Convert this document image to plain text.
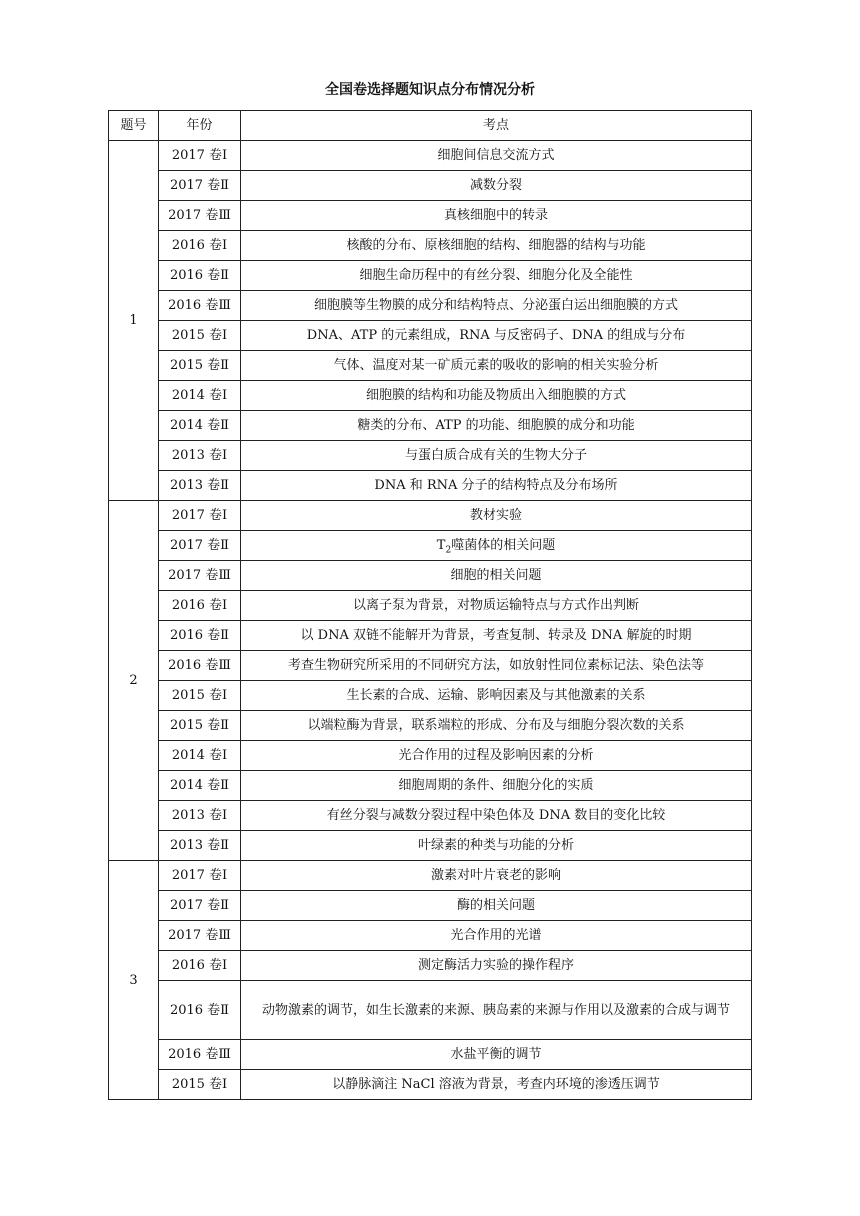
全国卷选择题知识点分布情况分析
题号	年份	考点
1	2017 卷Ⅰ	细胞间信息交流方式
	2017 卷Ⅱ	减数分裂
	2017 卷Ⅲ	真核细胞中的转录
	2016 卷Ⅰ	核酸的分布、原核细胞的结构、细胞器的结构与功能
	2016 卷Ⅱ	细胞生命历程中的有丝分裂、细胞分化及全能性
	2016 卷Ⅲ	细胞膜等生物膜的成分和结构特点、分泌蛋白运出细胞膜的方式
	2015 卷Ⅰ	DNA、ATP 的元素组成，RNA 与反密码子、DNA 的组成与分布
	2015 卷Ⅱ	气体、温度对某一矿质元素的吸收的影响的相关实验分析
	2014 卷Ⅰ	细胞膜的结构和功能及物质出入细胞膜的方式
	2014 卷Ⅱ	糖类的分布、ATP 的功能、细胞膜的成分和功能
	2013 卷Ⅰ	与蛋白质合成有关的生物大分子
	2013 卷Ⅱ	DNA 和 RNA 分子的结构特点及分布场所
2	2017 卷Ⅰ	教材实验
	2017 卷Ⅱ	$T_2$噬菌体的相关问题
	2017 卷Ⅲ	细胞的相关问题
	2016 卷Ⅰ	以离子泵为背景，对物质运输特点与方式作出判断
	2016 卷Ⅱ	以 DNA 双链不能解开为背景，考查复制、转录及 DNA 解旋的时期
	2016 卷Ⅲ	考查生物研究所采用的不同研究方法，如放射性同位素标记法、染色法等
	2015 卷Ⅰ	生长素的合成、运输、影响因素及与其他激素的关系
	2015 卷Ⅱ	以端粒酶为背景，联系端粒的形成、分布及与细胞分裂次数的关系
	2014 卷Ⅰ	光合作用的过程及影响因素的分析
	2014 卷Ⅱ	细胞周期的条件、细胞分化的实质
	2013 卷Ⅰ	有丝分裂与减数分裂过程中染色体及 DNA 数目的变化比较
	2013 卷Ⅱ	叶绿素的种类与功能的分析
3	2017 卷Ⅰ	激素对叶片衰老的影响
	2017 卷Ⅱ	酶的相关问题
	2017 卷Ⅲ	光合作用的光谱
	2016 卷Ⅰ	测定酶活力实验的操作程序
	2016 卷Ⅱ	动物激素的调节，如生长激素的来源、胰岛素的来源与作用以及激素的合成与调节
	2016 卷Ⅲ	水盐平衡的调节
	2015 卷Ⅰ	以静脉滴注 NaCl 溶液为背景，考查内环境的渗透压调节
